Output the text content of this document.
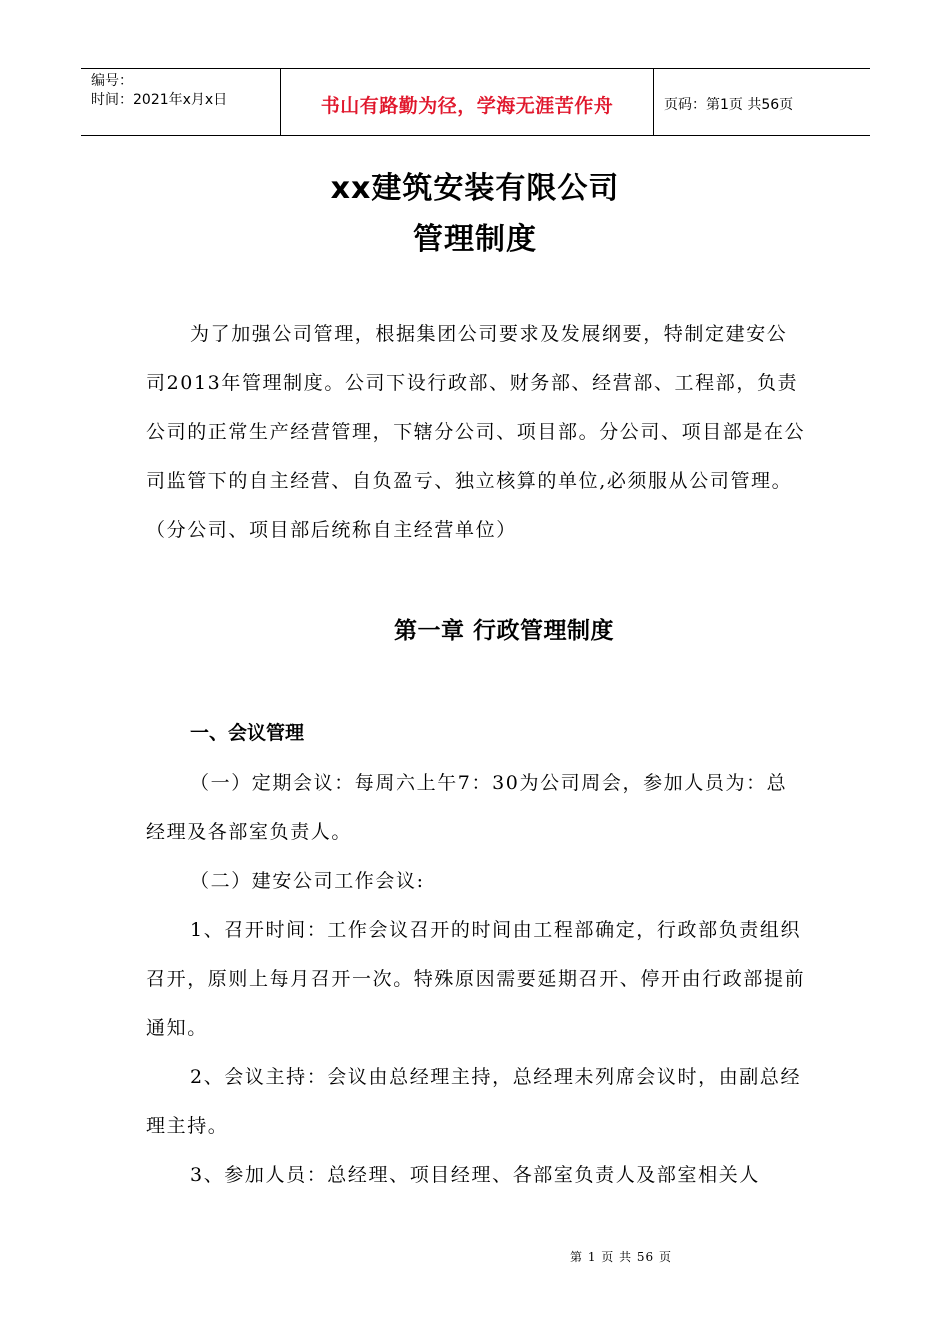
编号：
时间：2021年x月x日	书山有路勤为径，学海无涯苦作舟	页码：第1页 共56页
xx建筑安装有限公司
管理制度

为了加强公司管理，根据集团公司要求及发展纲要，特制定建安公司2013年管理制度。公司下设行政部、财务部、经营部、工程部，负责公司的正常生产经营管理，下辖分公司、项目部。分公司、项目部是在公司监管下的自主经营、自负盈亏、独立核算的单位,必须服从公司管理。（分公司、项目部后统称自主经营单位）

第一章 行政管理制度
一、会议管理

（一）定期会议：每周六上午7：30为公司周会，参加人员为：总经理及各部室负责人。

（二）建安公司工作会议:

1、召开时间：工作会议召开的时间由工程部确定，行政部负责组织召开，原则上每月召开一次。特殊原因需要延期召开、停开由行政部提前通知。

2、会议主持：会议由总经理主持，总经理未列席会议时，由副总经理主持。

3、参加人员：总经理、项目经理、各部室负责人及部室相关人

第 1 页 共 56 页
